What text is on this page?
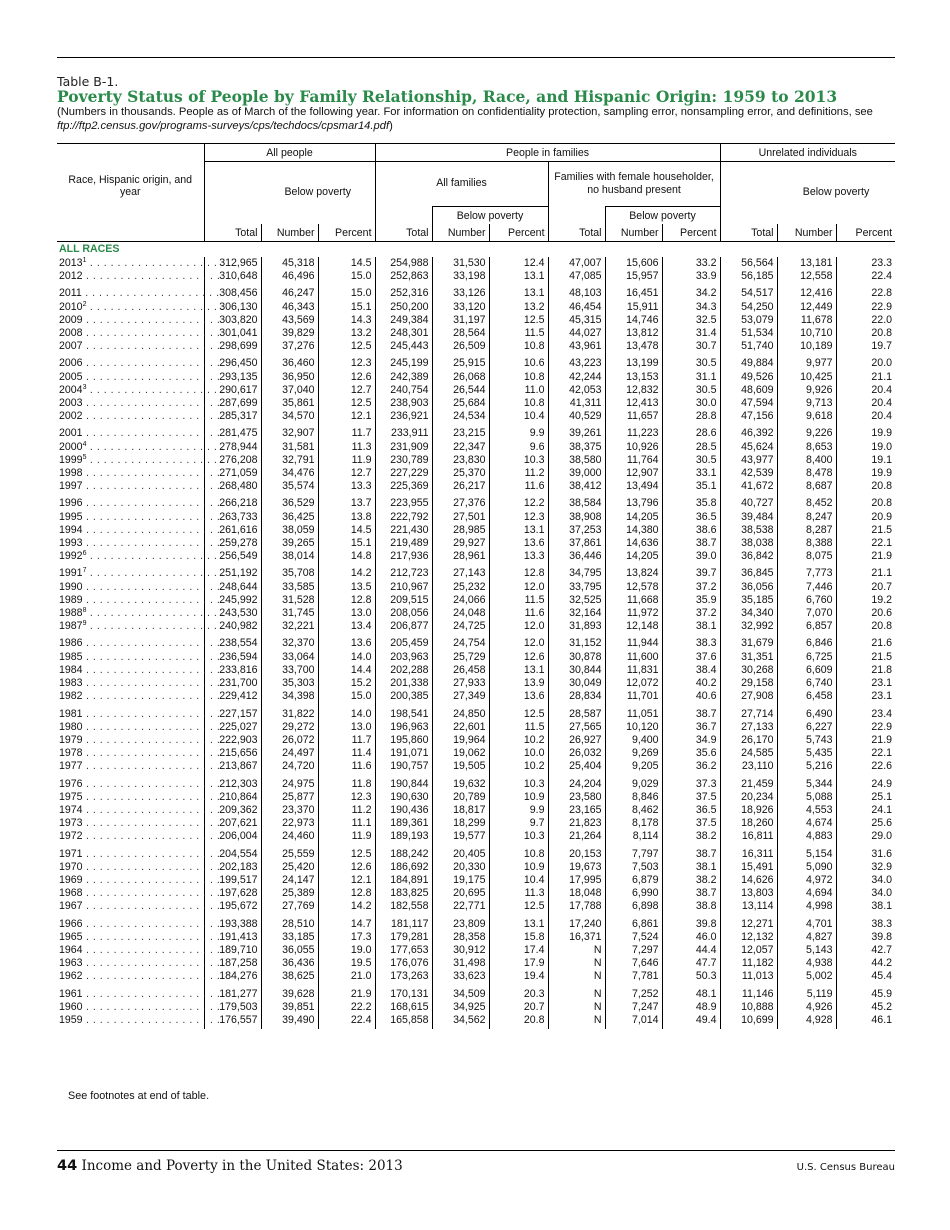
Table B-1.
Poverty Status of People by Family Relationship, Race, and Hispanic Origin: 1959 to 2013
(Numbers in thousands. People as of March of the following year. For information on confidentiality protection, sampling error, nonsampling error, and definitions, see ftp://ftp2.census.gov/programs-surveys/cps/techdocs/cpsmar14.pdf)
Race, Hispanic origin, and year	All people			People in families						Unrelated individuals		
		Below poverty		All families			Families with female householder, no husband present				Below poverty	
					Below poverty			Below poverty				
	Total	Number	Percent	Total	Number	Percent	Total	Number	Percent	Total	Number	Percent
ALL RACES												
2013$^1$ . . . . . . . . . . . . . . . . . . . .	312,965	45,318	14.5	254,988	31,530	12.4	47,007	15,606	33.2	56,564	13,181	23.3
2012 . . . . . . . . . . . . . . . . . . . .	310,648	46,496	15.0	252,863	33,198	13.1	47,085	15,957	33.9	56,185	12,558	22.4
2011 . . . . . . . . . . . . . . . . . . . .	308,456	46,247	15.0	252,316	33,126	13.1	48,103	16,451	34.2	54,517	12,416	22.8
2010$^2$ . . . . . . . . . . . . . . . . . . . .	306,130	46,343	15.1	250,200	33,120	13.2	46,454	15,911	34.3	54,250	12,449	22.9
2009 . . . . . . . . . . . . . . . . . . . .	303,820	43,569	14.3	249,384	31,197	12.5	45,315	14,746	32.5	53,079	11,678	22.0
2008 . . . . . . . . . . . . . . . . . . . .	301,041	39,829	13.2	248,301	28,564	11.5	44,027	13,812	31.4	51,534	10,710	20.8
2007 . . . . . . . . . . . . . . . . . . . .	298,699	37,276	12.5	245,443	26,509	10.8	43,961	13,478	30.7	51,740	10,189	19.7
2006 . . . . . . . . . . . . . . . . . . . .	296,450	36,460	12.3	245,199	25,915	10.6	43,223	13,199	30.5	49,884	9,977	20.0
2005 . . . . . . . . . . . . . . . . . . . .	293,135	36,950	12.6	242,389	26,068	10.8	42,244	13,153	31.1	49,526	10,425	21.1
2004$^3$ . . . . . . . . . . . . . . . . . . . .	290,617	37,040	12.7	240,754	26,544	11.0	42,053	12,832	30.5	48,609	9,926	20.4
2003 . . . . . . . . . . . . . . . . . . . .	287,699	35,861	12.5	238,903	25,684	10.8	41,311	12,413	30.0	47,594	9,713	20.4
2002 . . . . . . . . . . . . . . . . . . . .	285,317	34,570	12.1	236,921	24,534	10.4	40,529	11,657	28.8	47,156	9,618	20.4
2001 . . . . . . . . . . . . . . . . . . . .	281,475	32,907	11.7	233,911	23,215	9.9	39,261	11,223	28.6	46,392	9,226	19.9
2000$^4$ . . . . . . . . . . . . . . . . . . . .	278,944	31,581	11.3	231,909	22,347	9.6	38,375	10,926	28.5	45,624	8,653	19.0
1999$^5$ . . . . . . . . . . . . . . . . . . . .	276,208	32,791	11.9	230,789	23,830	10.3	38,580	11,764	30.5	43,977	8,400	19.1
1998 . . . . . . . . . . . . . . . . . . . .	271,059	34,476	12.7	227,229	25,370	11.2	39,000	12,907	33.1	42,539	8,478	19.9
1997 . . . . . . . . . . . . . . . . . . . .	268,480	35,574	13.3	225,369	26,217	11.6	38,412	13,494	35.1	41,672	8,687	20.8
1996 . . . . . . . . . . . . . . . . . . . .	266,218	36,529	13.7	223,955	27,376	12.2	38,584	13,796	35.8	40,727	8,452	20.8
1995 . . . . . . . . . . . . . . . . . . . .	263,733	36,425	13.8	222,792	27,501	12.3	38,908	14,205	36.5	39,484	8,247	20.9
1994 . . . . . . . . . . . . . . . . . . . .	261,616	38,059	14.5	221,430	28,985	13.1	37,253	14,380	38.6	38,538	8,287	21.5
1993 . . . . . . . . . . . . . . . . . . . .	259,278	39,265	15.1	219,489	29,927	13.6	37,861	14,636	38.7	38,038	8,388	22.1
1992$^6$ . . . . . . . . . . . . . . . . . . . .	256,549	38,014	14.8	217,936	28,961	13.3	36,446	14,205	39.0	36,842	8,075	21.9
1991$^7$ . . . . . . . . . . . . . . . . . . . .	251,192	35,708	14.2	212,723	27,143	12.8	34,795	13,824	39.7	36,845	7,773	21.1
1990 . . . . . . . . . . . . . . . . . . . .	248,644	33,585	13.5	210,967	25,232	12.0	33,795	12,578	37.2	36,056	7,446	20.7
1989 . . . . . . . . . . . . . . . . . . . .	245,992	31,528	12.8	209,515	24,066	11.5	32,525	11,668	35.9	35,185	6,760	19.2
1988$^8$ . . . . . . . . . . . . . . . . . . . .	243,530	31,745	13.0	208,056	24,048	11.6	32,164	11,972	37.2	34,340	7,070	20.6
1987$^9$ . . . . . . . . . . . . . . . . . . . .	240,982	32,221	13.4	206,877	24,725	12.0	31,893	12,148	38.1	32,992	6,857	20.8
1986 . . . . . . . . . . . . . . . . . . . .	238,554	32,370	13.6	205,459	24,754	12.0	31,152	11,944	38.3	31,679	6,846	21.6
1985 . . . . . . . . . . . . . . . . . . . .	236,594	33,064	14.0	203,963	25,729	12.6	30,878	11,600	37.6	31,351	6,725	21.5
1984 . . . . . . . . . . . . . . . . . . . .	233,816	33,700	14.4	202,288	26,458	13.1	30,844	11,831	38.4	30,268	6,609	21.8
1983 . . . . . . . . . . . . . . . . . . . .	231,700	35,303	15.2	201,338	27,933	13.9	30,049	12,072	40.2	29,158	6,740	23.1
1982 . . . . . . . . . . . . . . . . . . . .	229,412	34,398	15.0	200,385	27,349	13.6	28,834	11,701	40.6	27,908	6,458	23.1
1981 . . . . . . . . . . . . . . . . . . . .	227,157	31,822	14.0	198,541	24,850	12.5	28,587	11,051	38.7	27,714	6,490	23.4
1980 . . . . . . . . . . . . . . . . . . . .	225,027	29,272	13.0	196,963	22,601	11.5	27,565	10,120	36.7	27,133	6,227	22.9
1979 . . . . . . . . . . . . . . . . . . . .	222,903	26,072	11.7	195,860	19,964	10.2	26,927	9,400	34.9	26,170	5,743	21.9
1978 . . . . . . . . . . . . . . . . . . . .	215,656	24,497	11.4	191,071	19,062	10.0	26,032	9,269	35.6	24,585	5,435	22.1
1977 . . . . . . . . . . . . . . . . . . . .	213,867	24,720	11.6	190,757	19,505	10.2	25,404	9,205	36.2	23,110	5,216	22.6
1976 . . . . . . . . . . . . . . . . . . . .	212,303	24,975	11.8	190,844	19,632	10.3	24,204	9,029	37.3	21,459	5,344	24.9
1975 . . . . . . . . . . . . . . . . . . . .	210,864	25,877	12.3	190,630	20,789	10.9	23,580	8,846	37.5	20,234	5,088	25.1
1974 . . . . . . . . . . . . . . . . . . . .	209,362	23,370	11.2	190,436	18,817	9.9	23,165	8,462	36.5	18,926	4,553	24.1
1973 . . . . . . . . . . . . . . . . . . . .	207,621	22,973	11.1	189,361	18,299	9.7	21,823	8,178	37.5	18,260	4,674	25.6
1972 . . . . . . . . . . . . . . . . . . . .	206,004	24,460	11.9	189,193	19,577	10.3	21,264	8,114	38.2	16,811	4,883	29.0
1971 . . . . . . . . . . . . . . . . . . . .	204,554	25,559	12.5	188,242	20,405	10.8	20,153	7,797	38.7	16,311	5,154	31.6
1970 . . . . . . . . . . . . . . . . . . . .	202,183	25,420	12.6	186,692	20,330	10.9	19,673	7,503	38.1	15,491	5,090	32.9
1969 . . . . . . . . . . . . . . . . . . . .	199,517	24,147	12.1	184,891	19,175	10.4	17,995	6,879	38.2	14,626	4,972	34.0
1968 . . . . . . . . . . . . . . . . . . . .	197,628	25,389	12.8	183,825	20,695	11.3	18,048	6,990	38.7	13,803	4,694	34.0
1967 . . . . . . . . . . . . . . . . . . . .	195,672	27,769	14.2	182,558	22,771	12.5	17,788	6,898	38.8	13,114	4,998	38.1
1966 . . . . . . . . . . . . . . . . . . . .	193,388	28,510	14.7	181,117	23,809	13.1	17,240	6,861	39.8	12,271	4,701	38.3
1965 . . . . . . . . . . . . . . . . . . . .	191,413	33,185	17.3	179,281	28,358	15.8	16,371	7,524	46.0	12,132	4,827	39.8
1964 . . . . . . . . . . . . . . . . . . . .	189,710	36,055	19.0	177,653	30,912	17.4	N	7,297	44.4	12,057	5,143	42.7
1963 . . . . . . . . . . . . . . . . . . . .	187,258	36,436	19.5	176,076	31,498	17.9	N	7,646	47.7	11,182	4,938	44.2
1962 . . . . . . . . . . . . . . . . . . . .	184,276	38,625	21.0	173,263	33,623	19.4	N	7,781	50.3	11,013	5,002	45.4
1961 . . . . . . . . . . . . . . . . . . . .	181,277	39,628	21.9	170,131	34,509	20.3	N	7,252	48.1	11,146	5,119	45.9
1960 . . . . . . . . . . . . . . . . . . . .	179,503	39,851	22.2	168,615	34,925	20.7	N	7,247	48.9	10,888	4,926	45.2
1959 . . . . . . . . . . . . . . . . . . . .	176,557	39,490	22.4	165,858	34,562	20.8	N	7,014	49.4	10,699	4,928	46.1
See footnotes at end of table.
44 Income and Poverty in the United States: 2013	U.S. Census Bureau
